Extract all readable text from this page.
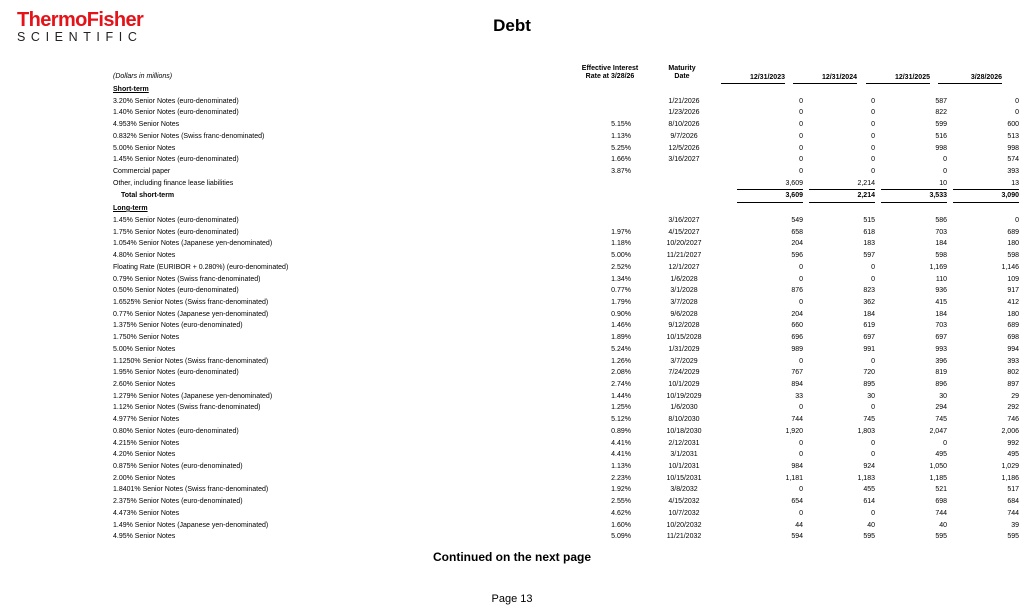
ThermoFisher
SCIENTIFIC
Debt
(Dollars in millions)
Effective Interest
Rate at 3/28/26
Maturity
Date	12/31/2023	12/31/2024	12/31/2025	3/28/2026
Short-term									
3.20% Senior Notes (euro-denominated)		1/21/2026	0		0		587		0
1.40% Senior Notes (euro-denominated)		1/23/2026	0		0		822		0
4.953% Senior Notes	5.15%	8/10/2026	0		0		599		600
0.832% Senior Notes (Swiss franc-denominated)	1.13%	9/7/2026	0		0		516		513
5.00% Senior Notes	5.25%	12/5/2026	0		0		998		998
1.45% Senior Notes (euro-denominated)	1.66%	3/16/2027	0		0		0		574
Commercial paper	3.87%		0		0		0		393
Other, including finance lease liabilities			3,609		2,214		10		13
Total short-term			3,609		2,214		3,533		3,090
Long-term									
1.45% Senior Notes (euro-denominated)		3/16/2027	549		515		586		0
1.75% Senior Notes (euro-denominated)	1.97%	4/15/2027	658		618		703		689
1.054% Senior Notes (Japanese yen-denominated)	1.18%	10/20/2027	204		183		184		180
4.80% Senior Notes	5.00%	11/21/2027	596		597		598		598
Floating Rate (EURIBOR + 0.280%) (euro-denominated)	2.52%	12/1/2027	0		0		1,169		1,146
0.79% Senior Notes (Swiss franc-denominated)	1.34%	1/6/2028	0		0		110		109
0.50% Senior Notes (euro-denominated)	0.77%	3/1/2028	876		823		936		917
1.6525% Senior Notes (Swiss franc-denominated)	1.79%	3/7/2028	0		362		415		412
0.77% Senior Notes (Japanese yen-denominated)	0.90%	9/6/2028	204		184		184		180
1.375% Senior Notes (euro-denominated)	1.46%	9/12/2028	660		619		703		689
1.750% Senior Notes	1.89%	10/15/2028	696		697		697		698
5.00% Senior Notes	5.24%	1/31/2029	989		991		993		994
1.1250% Senior Notes (Swiss franc-denominated)	1.26%	3/7/2029	0		0		396		393
1.95% Senior Notes (euro-denominated)	2.08%	7/24/2029	767		720		819		802
2.60% Senior Notes	2.74%	10/1/2029	894		895		896		897
1.279% Senior Notes (Japanese yen-denominated)	1.44%	10/19/2029	33		30		30		29
1.12% Senior Notes (Swiss franc-denominated)	1.25%	1/6/2030	0		0		294		292
4.977% Senior Notes	5.12%	8/10/2030	744		745		745		746
0.80% Senior Notes (euro-denominated)	0.89%	10/18/2030	1,920		1,803		2,047		2,006
4.215% Senior Notes	4.41%	2/12/2031	0		0		0		992
4.20% Senior Notes	4.41%	3/1/2031	0		0		495		495
0.875% Senior Notes (euro-denominated)	1.13%	10/1/2031	984		924		1,050		1,029
2.00% Senior Notes	2.23%	10/15/2031	1,181		1,183		1,185		1,186
1.8401% Senior Notes (Swiss franc-denominated)	1.92%	3/8/2032	0		455		521		517
2.375% Senior Notes (euro-denominated)	2.55%	4/15/2032	654		614		698		684
4.473% Senior Notes	4.62%	10/7/2032	0		0		744		744
1.49% Senior Notes (Japanese yen-denominated)	1.60%	10/20/2032	44		40		40		39
4.95% Senior Notes	5.09%	11/21/2032	594		595		595		595
Continued on the next page
Page 13
